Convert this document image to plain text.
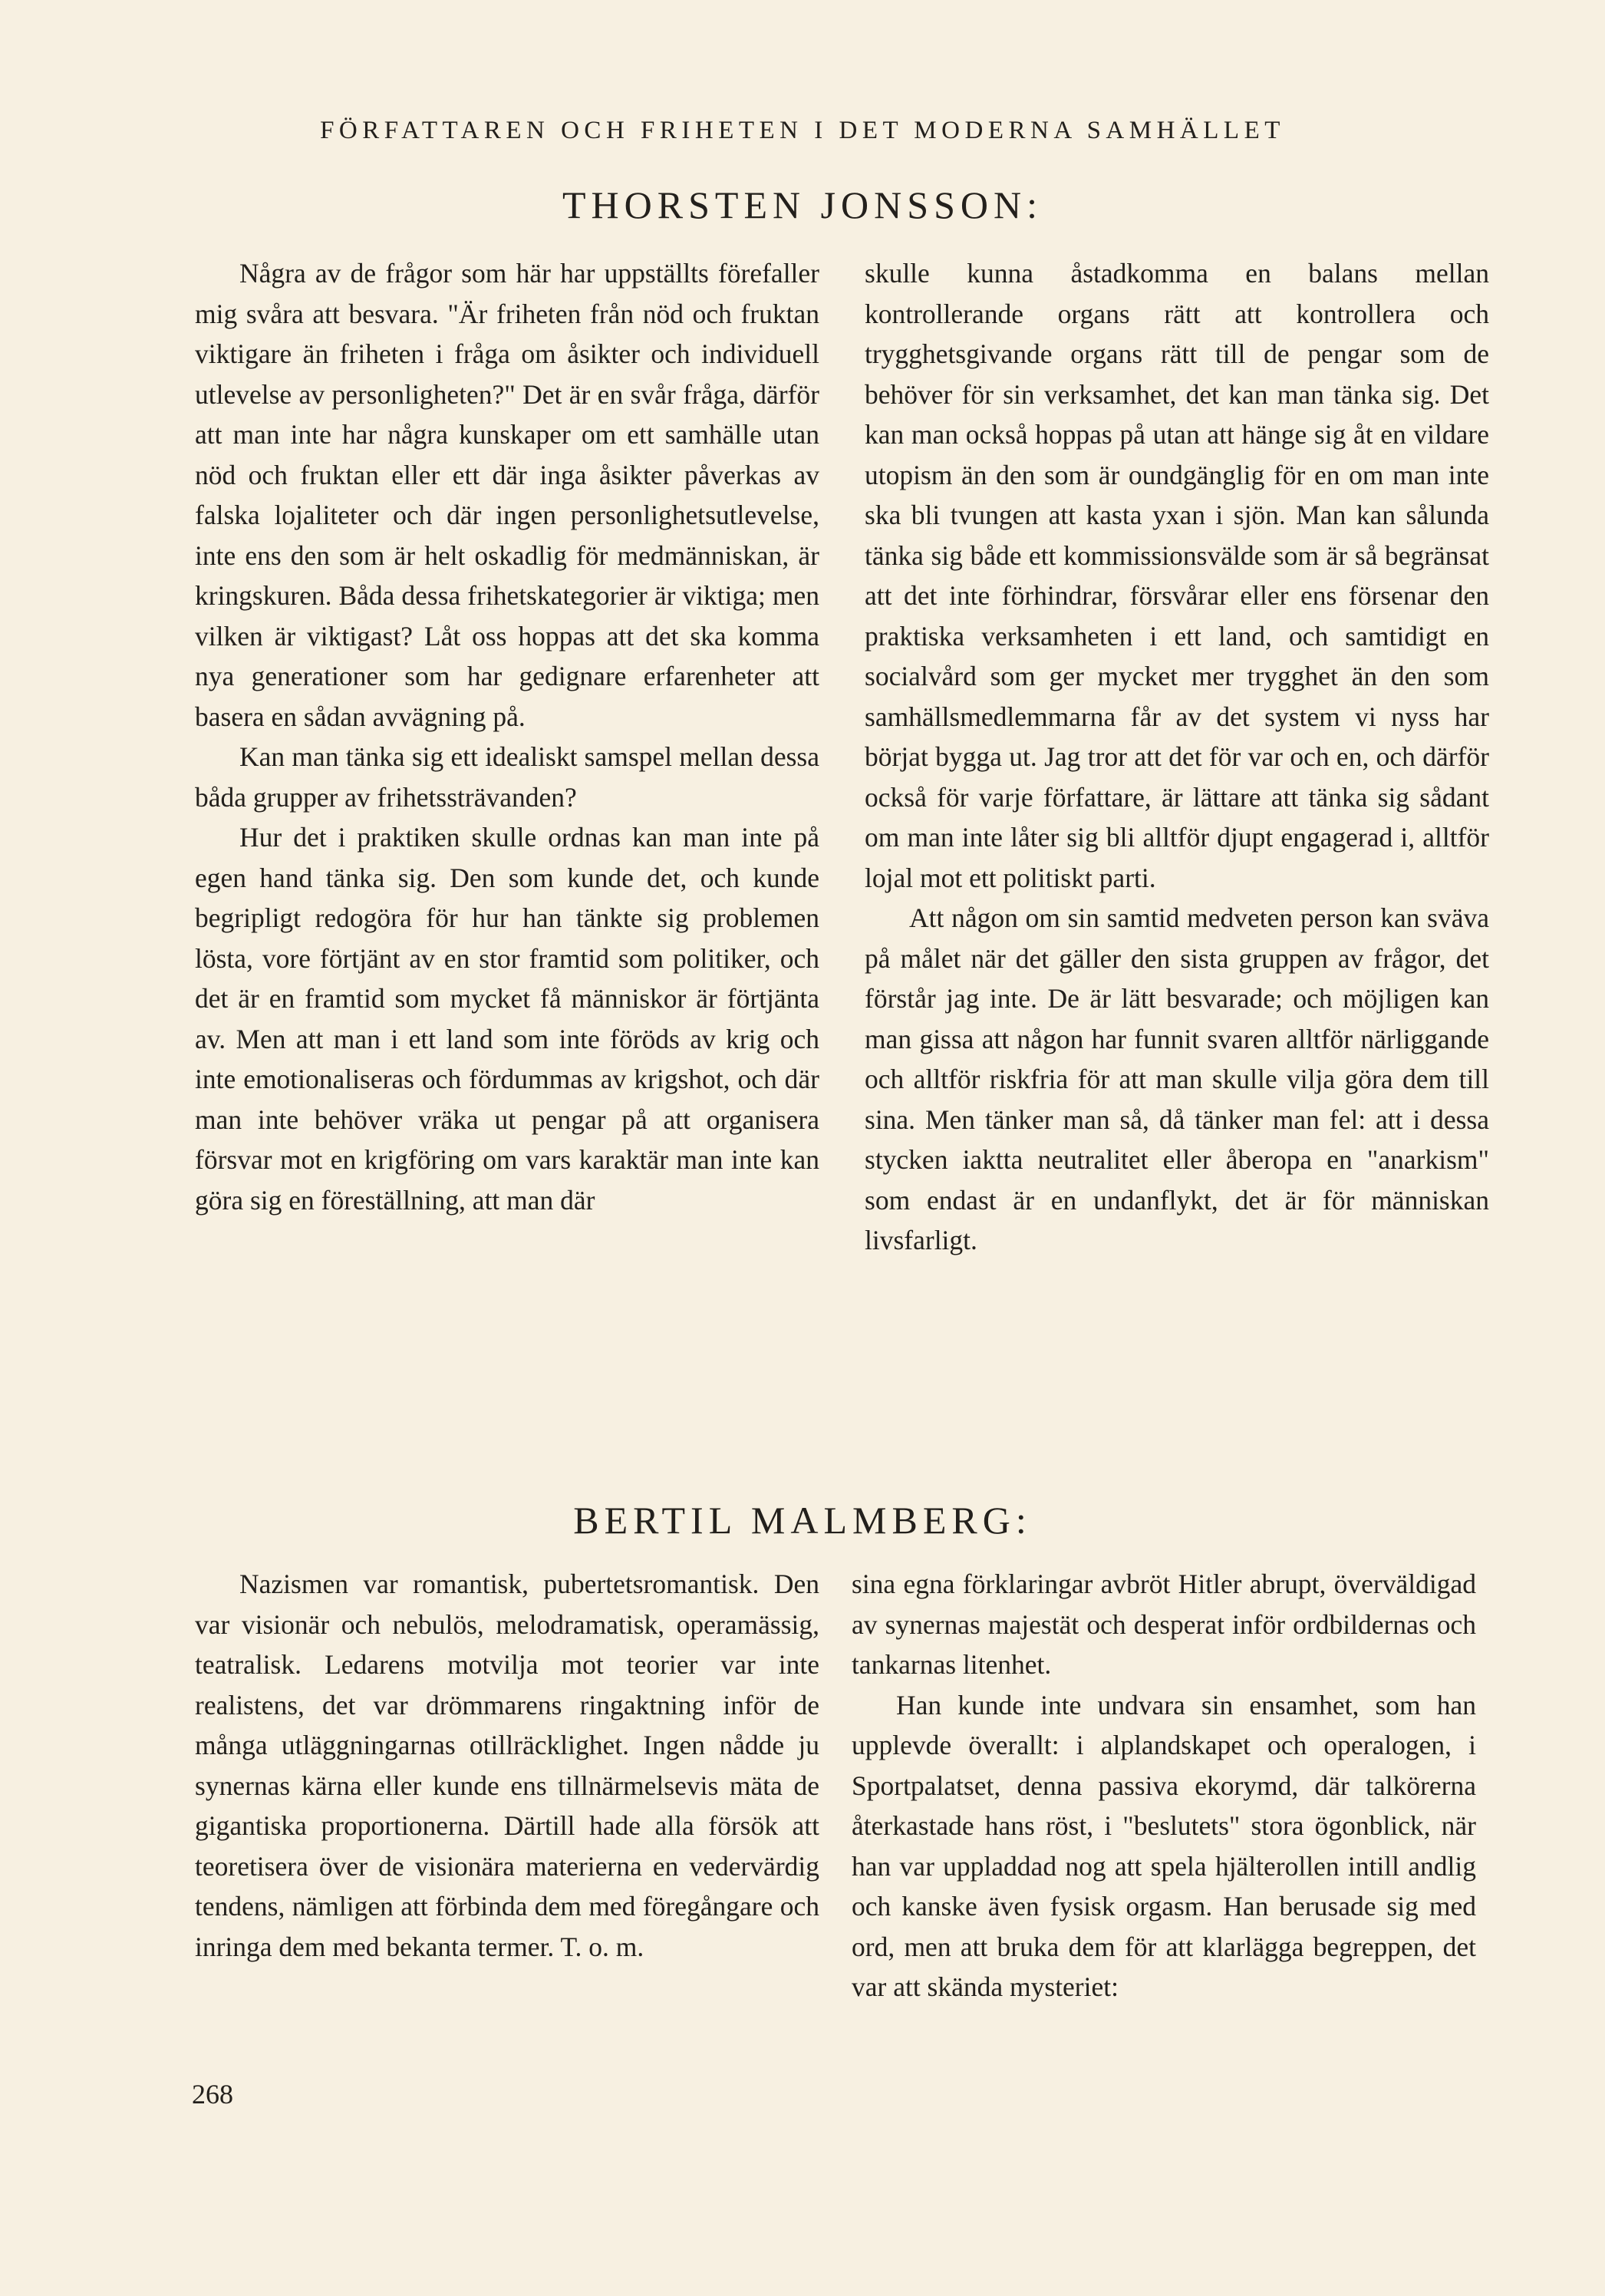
FÖRFATTAREN OCH FRIHETEN I DET MODERNA SAMHÄLLET

THORSTEN JONSSON:

Några av de frågor som här har uppställts förefaller mig svåra att besvara. "Är friheten från nöd och fruktan viktigare än friheten i fråga om åsikter och individuell utlevelse av personligheten?" Det är en svår fråga, därför att man inte har några kunskaper om ett samhälle utan nöd och fruktan eller ett där inga åsikter påverkas av falska lojaliteter och där ingen personlighetsutlevelse, inte ens den som är helt oskadlig för medmänniskan, är kringskuren. Båda dessa frihetskategorier är viktiga; men vilken är viktigast? Låt oss hoppas att det ska komma nya generationer som har gedignare erfarenheter att basera en sådan avvägning på.

Kan man tänka sig ett idealiskt samspel mellan dessa båda grupper av frihetssträvanden?

Hur det i praktiken skulle ordnas kan man inte på egen hand tänka sig. Den som kunde det, och kunde begripligt redogöra för hur han tänkte sig problemen lösta, vore förtjänt av en stor framtid som politiker, och det är en framtid som mycket få människor är förtjänta av. Men att man i ett land som inte föröds av krig och inte emotionaliseras och fördummas av krigshot, och där man inte behöver vräka ut pengar på att organisera försvar mot en krigföring om vars karaktär man inte kan göra sig en föreställning, att man där

skulle kunna åstadkomma en balans mellan kontrollerande organs rätt att kontrollera och trygghetsgivande organs rätt till de pengar som de behöver för sin verksamhet, det kan man tänka sig. Det kan man också hoppas på utan att hänge sig åt en vildare utopism än den som är oundgänglig för en om man inte ska bli tvungen att kasta yxan i sjön. Man kan sålunda tänka sig både ett kommissionsvälde som är så begränsat att det inte förhindrar, försvårar eller ens försenar den praktiska verksamheten i ett land, och samtidigt en socialvård som ger mycket mer trygghet än den som samhällsmedlemmarna får av det system vi nyss har börjat bygga ut. Jag tror att det för var och en, och därför också för varje författare, är lättare att tänka sig sådant om man inte låter sig bli alltför djupt engagerad i, alltför lojal mot ett politiskt parti.

Att någon om sin samtid medveten person kan sväva på målet när det gäller den sista gruppen av frågor, det förstår jag inte. De är lätt besvarade; och möjligen kan man gissa att någon har funnit svaren alltför närliggande och alltför riskfria för att man skulle vilja göra dem till sina. Men tänker man så, då tänker man fel: att i dessa stycken iaktta neutralitet eller åberopa en "anarkism" som endast är en undanflykt, det är för människan livsfarligt.

BERTIL MALMBERG:

Nazismen var romantisk, pubertetsromantisk. Den var visionär och nebulös, melodramatisk, operamässig, teatralisk. Ledarens motvilja mot teorier var inte realistens, det var drömmarens ringaktning inför de många utläggningarnas otillräcklighet. Ingen nådde ju synernas kärna eller kunde ens tillnärmelsevis mäta de gigantiska proportionerna. Därtill hade alla försök att teoretisera över de visionära materierna en vedervärdig tendens, nämligen att förbinda dem med föregångare och inringa dem med bekanta termer. T. o. m.

sina egna förklaringar avbröt Hitler abrupt, överväldigad av synernas majestät och desperat inför ordbildernas och tankarnas litenhet.

Han kunde inte undvara sin ensamhet, som han upplevde överallt: i alplandskapet och operalogen, i Sportpalatset, denna passiva ekorymd, där talkörerna återkastade hans röst, i "beslutets" stora ögonblick, när han var uppladdad nog att spela hjälterollen intill andlig och kanske även fysisk orgasm. Han berusade sig med ord, men att bruka dem för att klarlägga begreppen, det var att skända mysteriet:

268
